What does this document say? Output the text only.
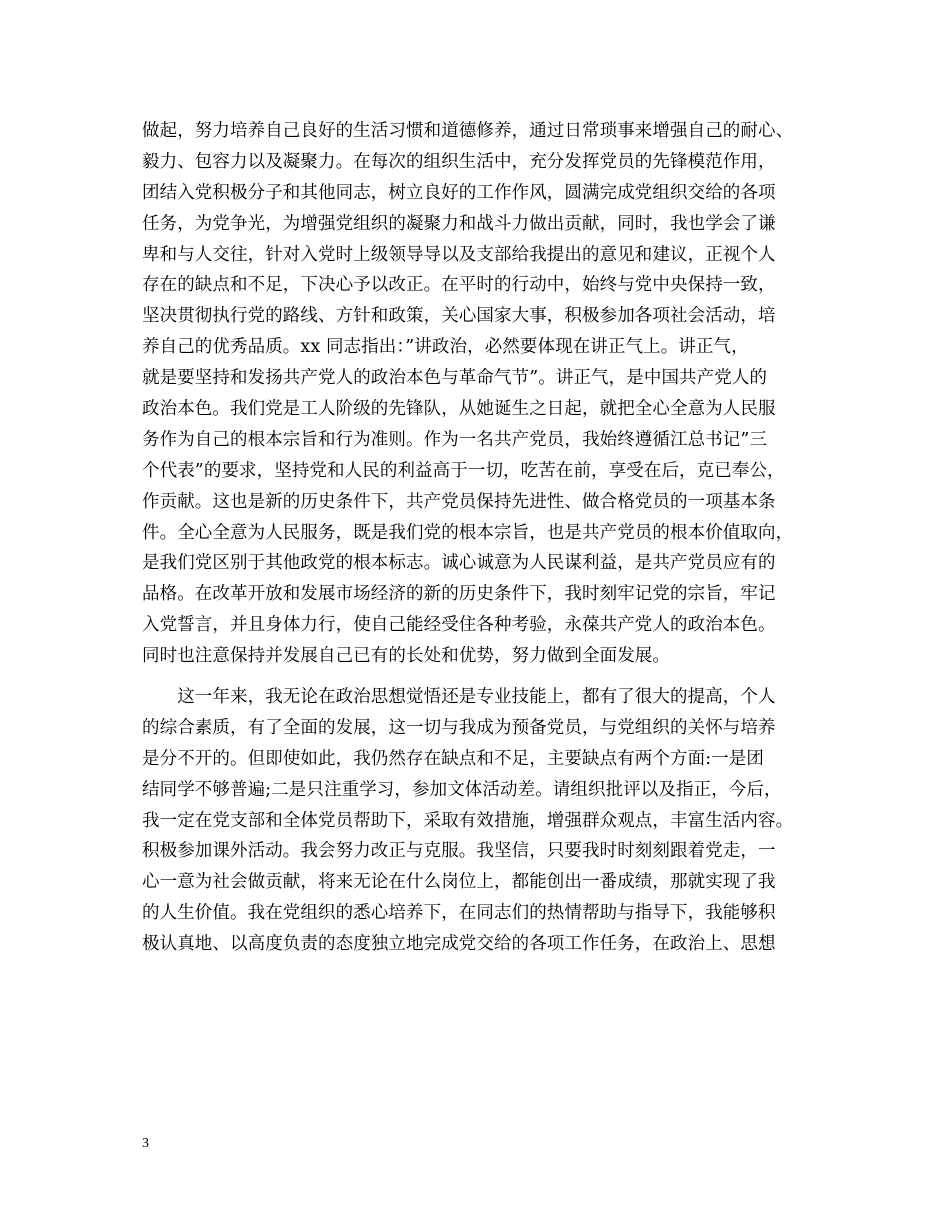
做起，努力培养自己良好的生活习惯和道德修养，通过日常琐事来增强自己的耐心、
毅力、包容力以及凝聚力。在每次的组织生活中，充分发挥党员的先锋模范作用，
团结入党积极分子和其他同志，树立良好的工作作风，圆满完成党组织交给的各项
任务，为党争光，为增强党组织的凝聚力和战斗力做出贡献，同时，我也学会了谦
卑和与人交往，针对入党时上级领导导以及支部给我提出的意见和建议，正视个人
存在的缺点和不足，下决心予以改正。在平时的行动中，始终与党中央保持一致，
坚决贯彻执行党的路线、方针和政策，关心国家大事，积极参加各项社会活动，培
养自己的优秀品质。xx 同志指出：”讲政治，必然要体现在讲正气上。讲正气，
就是要坚持和发扬共产党人的政治本色与革命气节”。讲正气，是中国共产党人的
政治本色。我们党是工人阶级的先锋队，从她诞生之日起，就把全心全意为人民服
务作为自己的根本宗旨和行为准则。作为一名共产党员，我始终遵循江总书记”三
个代表”的要求，坚持党和人民的利益高于一切，吃苦在前，享受在后，克已奉公，
作贡献。这也是新的历史条件下，共产党员保持先进性、做合格党员的一项基本条
件。全心全意为人民服务，既是我们党的根本宗旨，也是共产党员的根本价值取向，
是我们党区别于其他政党的根本标志。诚心诚意为人民谋利益，是共产党员应有的
品格。在改革开放和发展市场经济的新的历史条件下，我时刻牢记党的宗旨，牢记
入党誓言，并且身体力行，使自己能经受住各种考验，永葆共产党人的政治本色。
同时也注意保持并发展自己已有的长处和优势，努力做到全面发展。
　　这一年来，我无论在政治思想觉悟还是专业技能上，都有了很大的提高，个人
的综合素质，有了全面的发展，这一切与我成为预备党员，与党组织的关怀与培养
是分不开的。但即使如此，我仍然存在缺点和不足，主要缺点有两个方面:一是团
结同学不够普遍;二是只注重学习，参加文体活动差。请组织批评以及指正，今后，
我一定在党支部和全体党员帮助下，采取有效措施，增强群众观点，丰富生活内容。
积极参加课外活动。我会努力改正与克服。我坚信，只要我时时刻刻跟着党走，一
心一意为社会做贡献，将来无论在什么岗位上，都能创出一番成绩，那就实现了我
的人生价值。我在党组织的悉心培养下，在同志们的热情帮助与指导下，我能够积
极认真地、以高度负责的态度独立地完成党交给的各项工作任务，在政治上、思想
3
